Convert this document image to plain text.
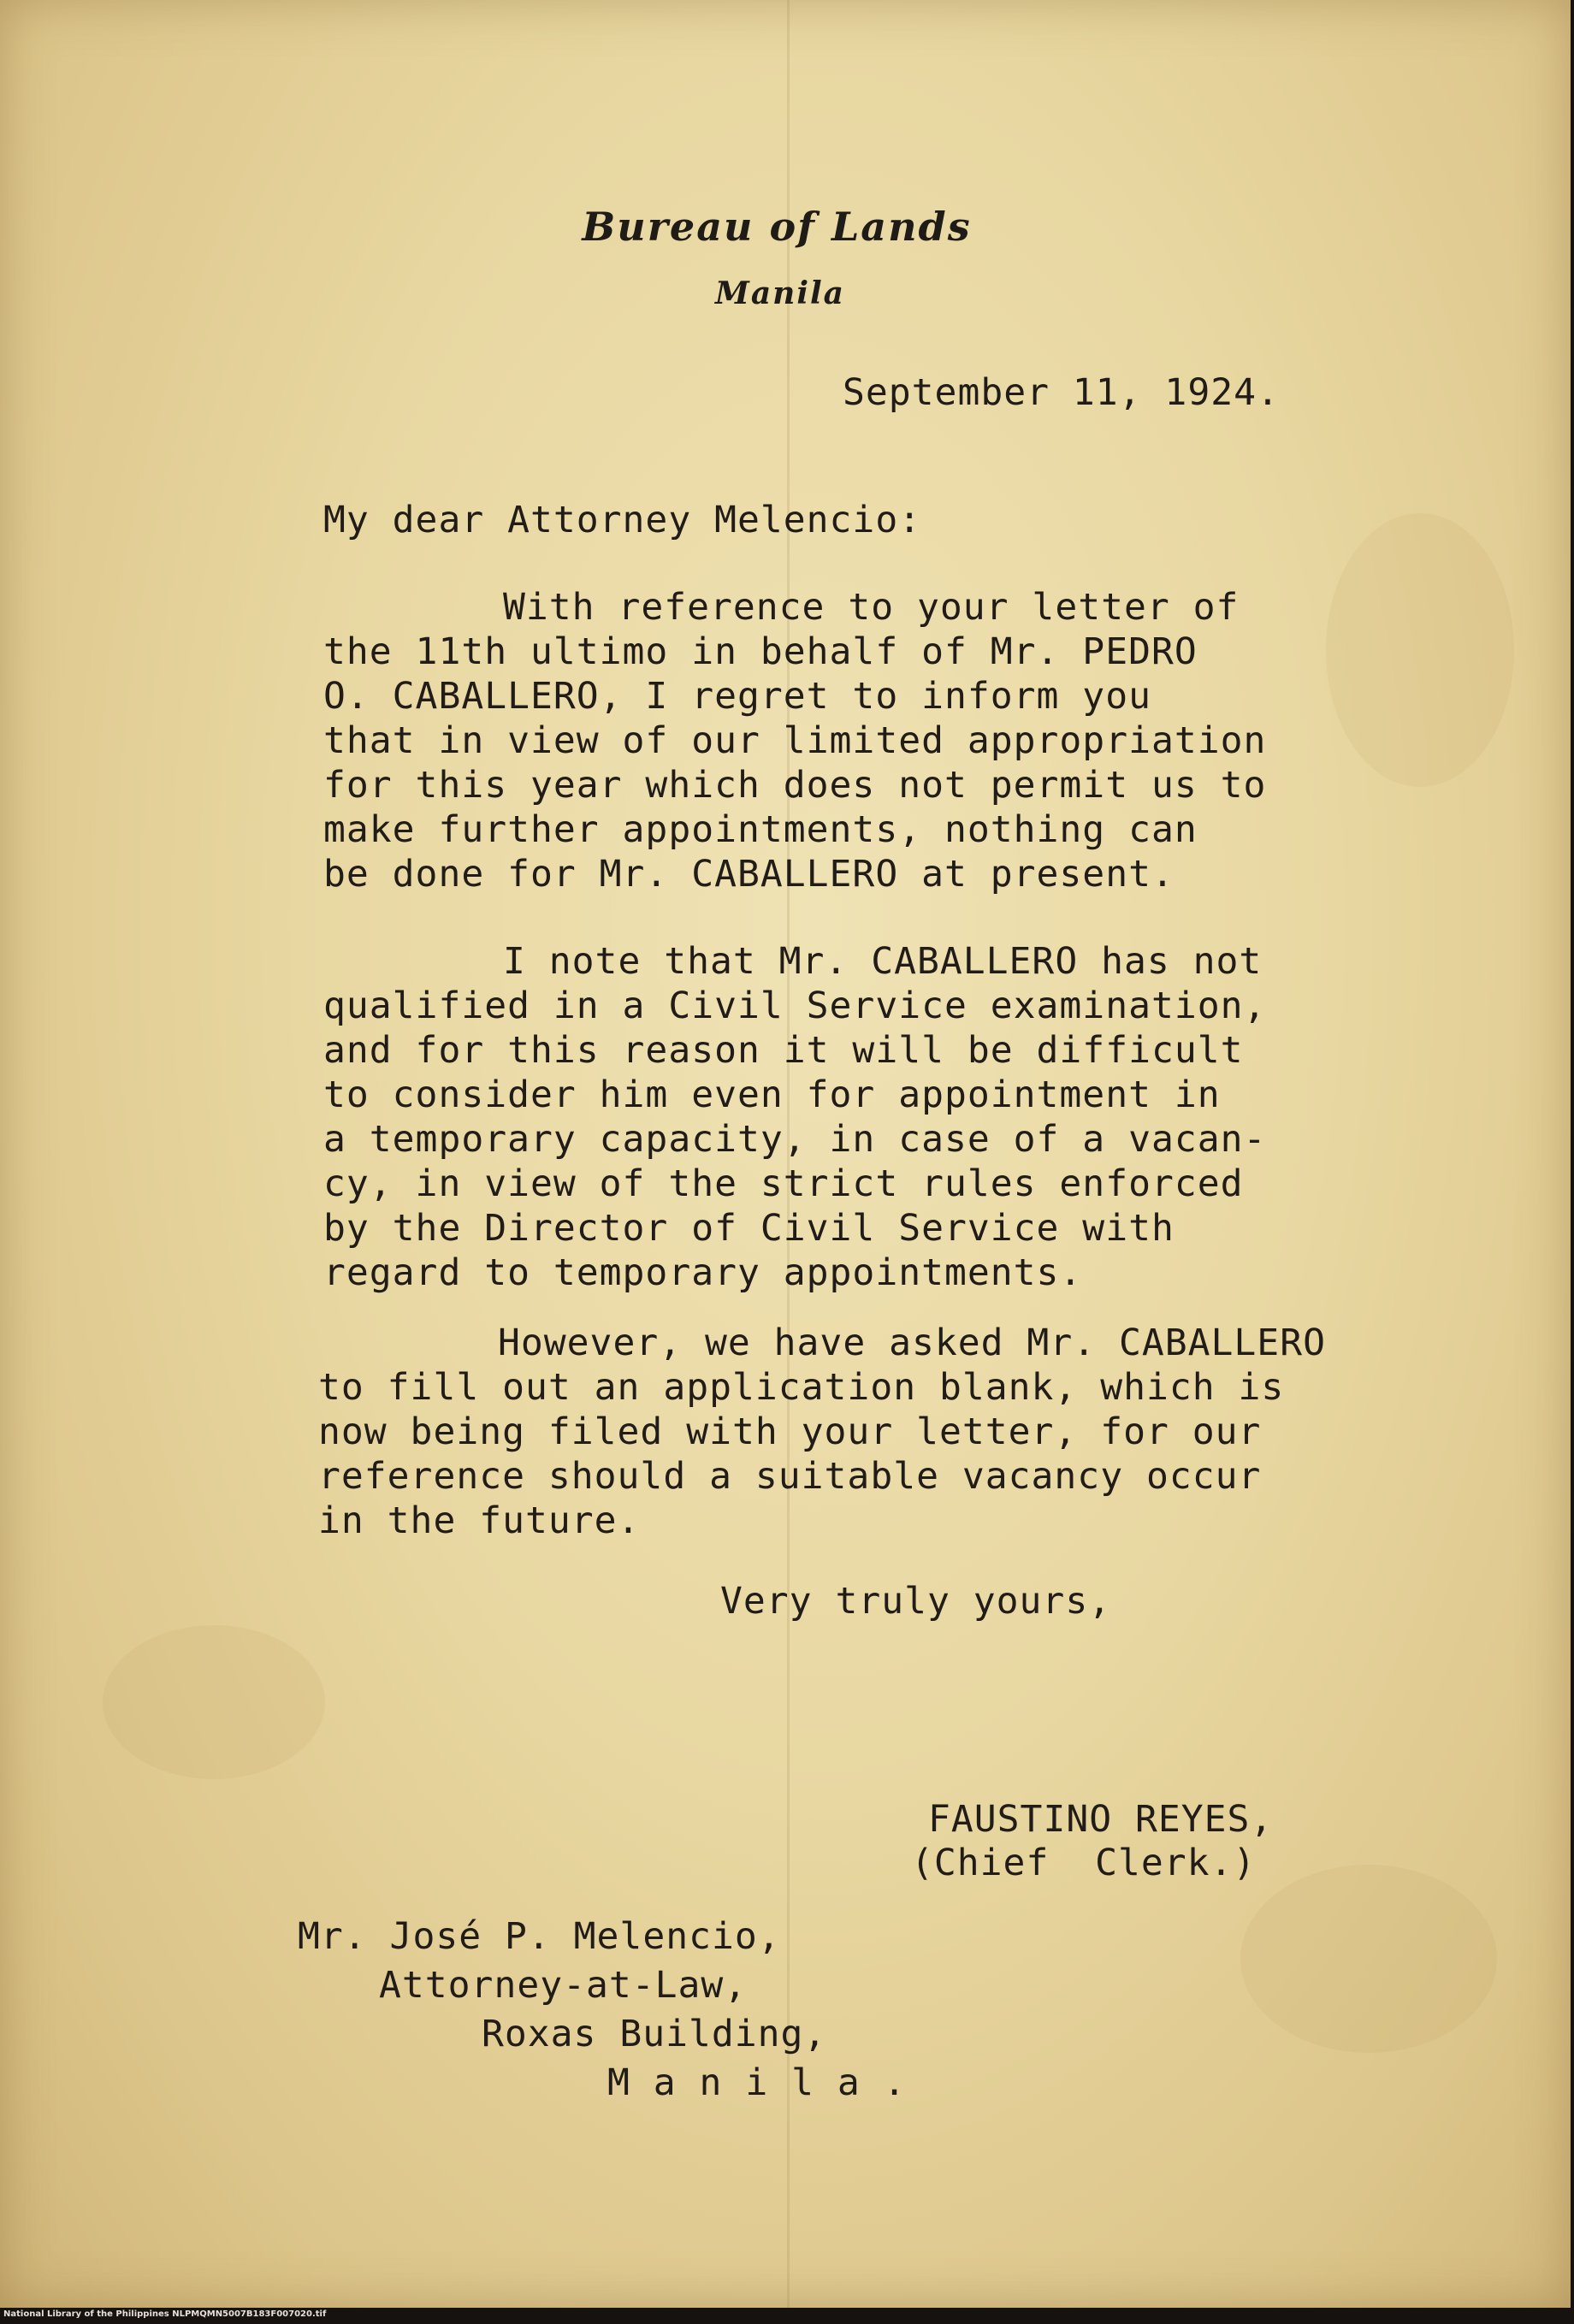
Bureau of Lands
Manila
September 11, 1924.
My dear Attorney Melencio:
With reference to your letter of
the 11th ultimo in behalf of Mr. PEDRO
O. CABALLERO, I regret to inform you
that in view of our limited appropriation
for this year which does not permit us to
make further appointments, nothing can
be done for Mr. CABALLERO at present.
I note that Mr. CABALLERO has not
qualified in a Civil Service examination,
and for this reason it will be difficult
to consider him even for appointment in
a temporary capacity, in case of a vacan-
cy, in view of the strict rules enforced
by the Director of Civil Service with
regard to temporary appointments.
However, we have asked Mr. CABALLERO
to fill out an application blank, which is
now being filed with your letter, for our
reference should a suitable vacancy occur
in the future.
Very truly yours,
FAUSTINO REYES,
(Chief  Clerk.)
Mr. José P. Melencio,
Attorney-at-Law,
Roxas Building,
M a n i l a .
National Library of the Philippines NLPMQMN5007B183F007020.tif
